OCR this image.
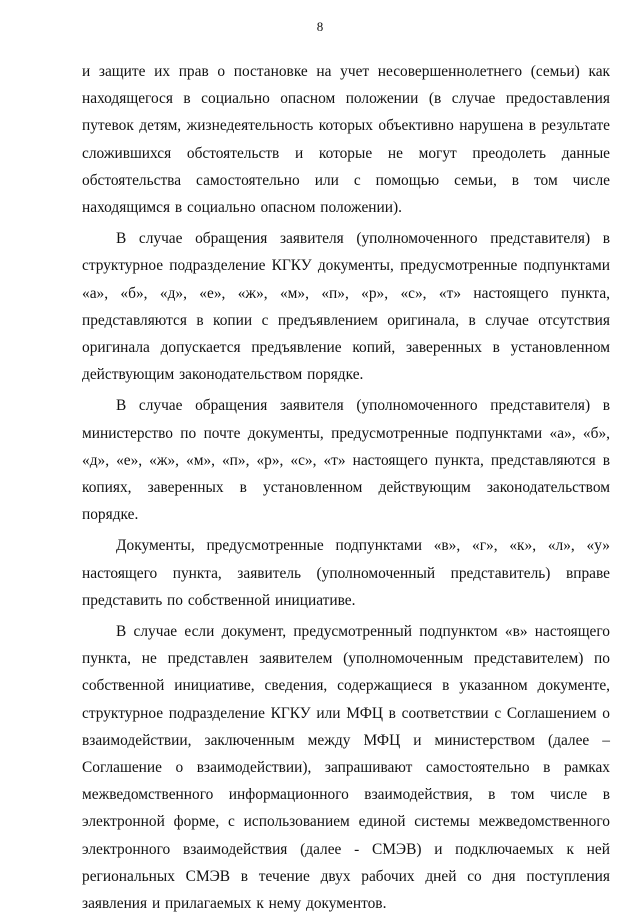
8

и защите их прав о постановке на учет несовершеннолетнего (семьи) как находящегося в социально опасном положении (в случае предоставления путевок детям, жизнедеятельность которых объективно нарушена в результате сложившихся обстоятельств и которые не могут преодолеть данные обстоятельства самостоятельно или с помощью семьи, в том числе находящимся в социально опасном положении).

В случае обращения заявителя (уполномоченного представителя) в структурное подразделение КГКУ документы, предусмотренные подпунктами «а», «б», «д», «е», «ж», «м», «п», «р», «с», «т» настоящего пункта, представляются в копии с предъявлением оригинала, в случае отсутствия оригинала допускается предъявление копий, заверенных в установленном действующим законодательством порядке.

В случае обращения заявителя (уполномоченного представителя) в министерство по почте документы, предусмотренные подпунктами «а», «б», «д», «е», «ж», «м», «п», «р», «с», «т» настоящего пункта, представляются в копиях, заверенных в установленном действующим законодательством порядке.

Документы, предусмотренные подпунктами «в», «г», «к», «л», «у» настоящего пункта, заявитель (уполномоченный представитель) вправе представить по собственной инициативе.

В случае если документ, предусмотренный подпунктом «в» настоящего пункта, не представлен заявителем (уполномоченным представителем) по собственной инициативе, сведения, содержащиеся в указанном документе, структурное подразделение КГКУ или МФЦ в соответствии с Соглашением о взаимодействии, заключенным между МФЦ и министерством (далее – Соглашение о взаимодействии), запрашивают самостоятельно в рамках межведомственного информационного взаимодействия, в том числе в электронной форме, с использованием единой системы межведомственного электронного взаимодействия (далее - СМЭВ) и подключаемых к ней региональных СМЭВ в течение двух рабочих дней со дня поступления заявления и прилагаемых к нему документов.
